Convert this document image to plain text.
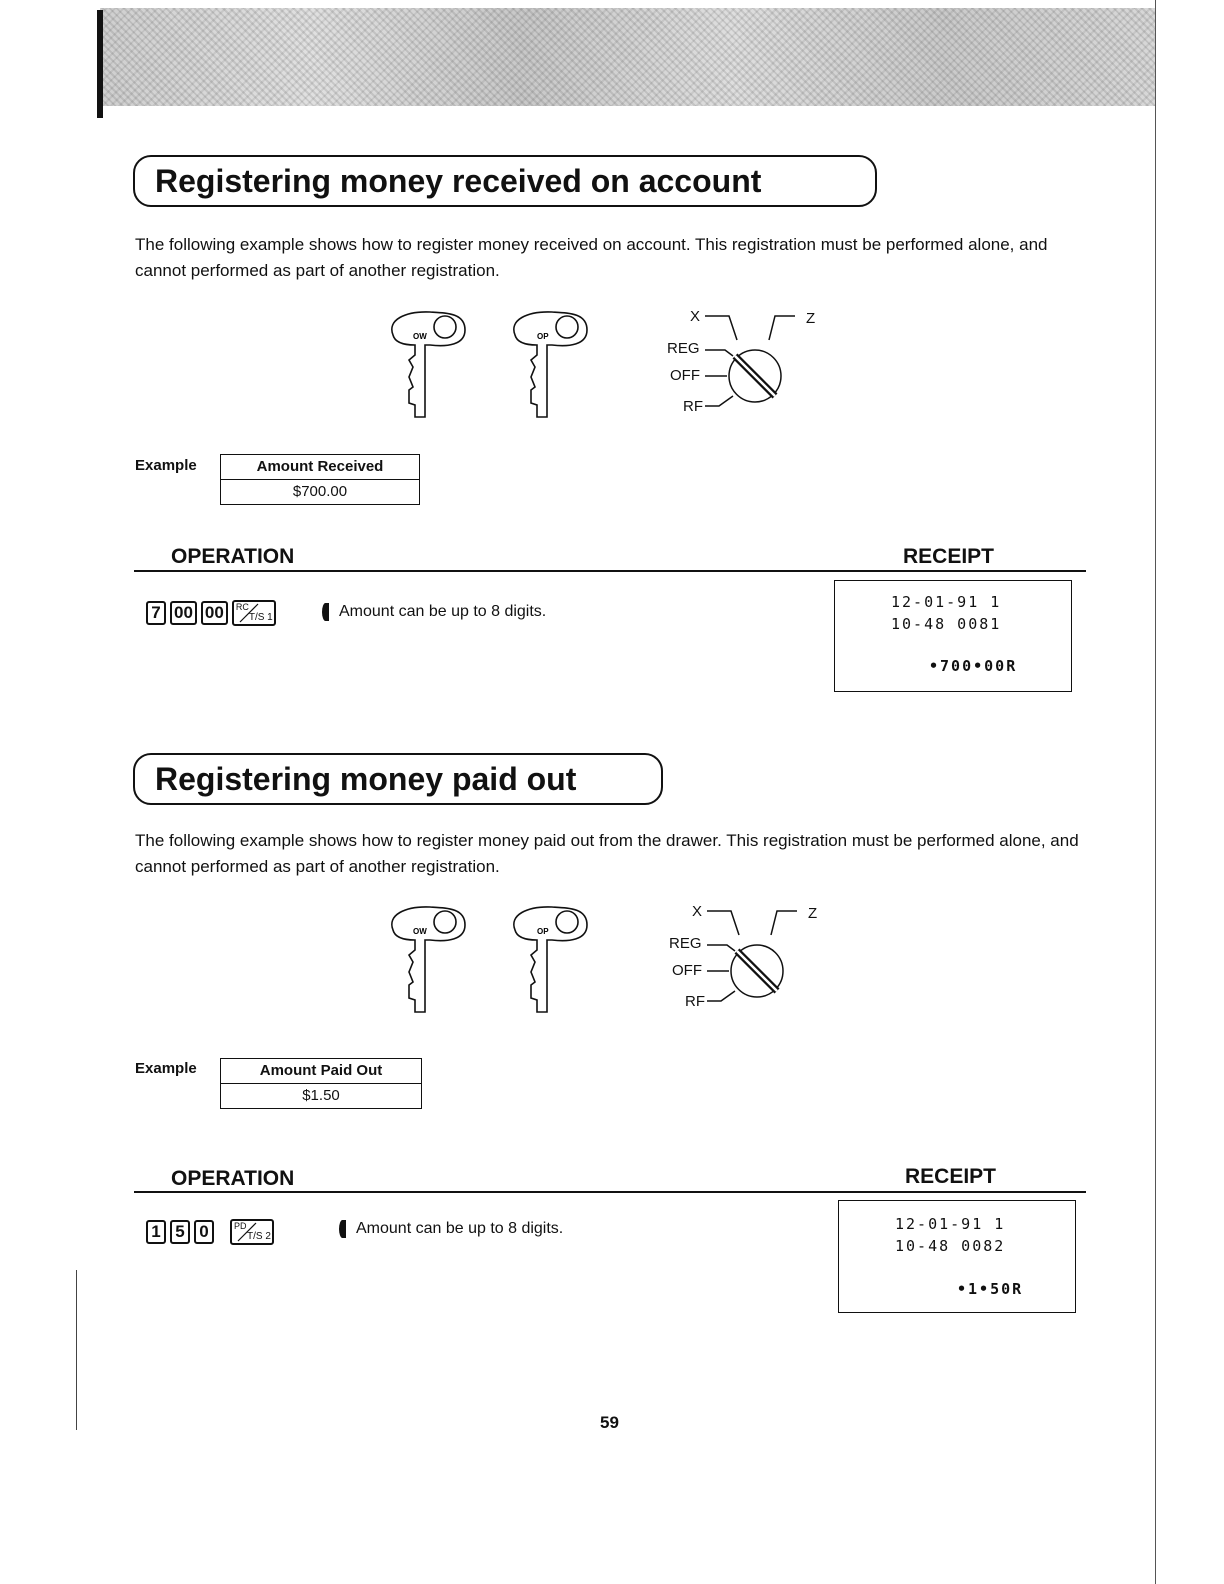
Registering money received on account
The following example shows how to register money received on account. This registration must be performed alone, and cannot performed as part of another registration.
OW	OP
X	Z
REG
OFF
RF
Example	Amount Received
$700.00
OPERATION	RECEIPT
7 00 00	RC
T/S 1	Amount can be up to 8 digits.
12-01-91 1
10-48 0081
•700•00R
Registering money paid out
The following example shows how to register money paid out from the drawer. This registration must be performed alone, and cannot performed as part of another registration.
OW	OP
X	Z
REG
OFF
RF
Example	Amount Paid Out
$1.50
OPERATION	RECEIPT
1 5 0	PD
T/S 2	Amount can be up to 8 digits.	12-01-91 1
10-48 0082
•1•50R
59
